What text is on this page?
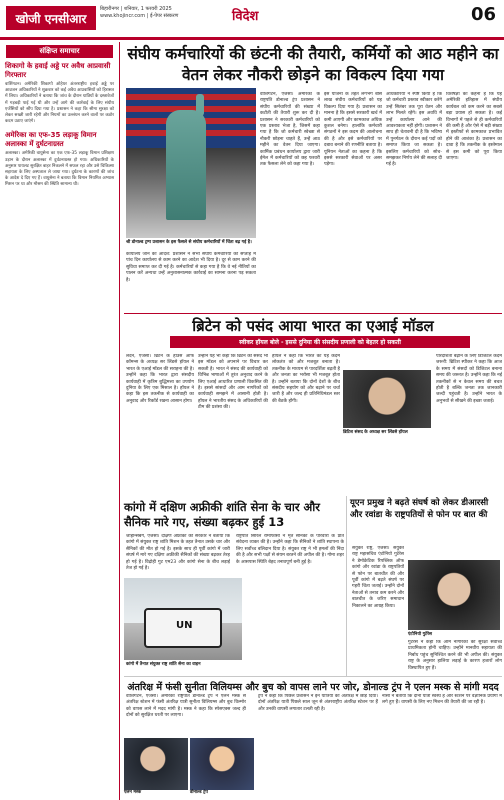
खोजी एनसीआर
बिहारीनगर | शनिवार, 1 फरवरी 2025
www.khojincr.com | ई-पेपर संस्करण	विदेश	06
संक्षिप्त समाचार
शिकागो के हवाई अड्डे पर अवैध आप्रवासी गिरफ्तार
वाशिंगटन। अमेरिकी शिकागो ओहेयर अंतरराष्ट्रीय हवाई अड्डे पर आव्रजन अधिकारियों ने शुक्रवार को कई अवैध आप्रवासियों को हिरासत में लिया। अधिकारियों ने बताया कि जांच के दौरान यात्रियों के दस्तावेजों में गड़बड़ी पाई गई थी और उन्हें आगे की कार्रवाई के लिए संघीय एजेंसियों को सौंप दिया गया है। प्रशासन ने कहा कि सीमा सुरक्षा को लेकर सख्ती जारी रहेगी और नियमों का उल्लंघन करने वालों पर कठोर कदम उठाए जाएंगे।
अमेरिका का एफ-35 लड़ाकू विमान अलास्का में दुर्घटनाग्रस्त
अलास्का। अमेरिकी वायुसेना का एक एफ-35 लड़ाकू विमान प्रशिक्षण उड़ान के दौरान अलास्का में दुर्घटनाग्रस्त हो गया। अधिकारियों के अनुसार पायलट सुरक्षित बाहर निकलने में सफल रहा और उसे चिकित्सा सहायता के लिए अस्पताल ले जाया गया। दुर्घटना के कारणों की जांच के आदेश दे दिए गए हैं। वायुसेना ने बताया कि विमान नियमित अभ्यास मिशन पर था और मौसम की स्थिति सामान्य थी।
संघीय कर्मचारियों की छंटनी की तैयारी, कर्मियों को आठ महीने का वेतन लेकर नौकरी छोड़ने का विकल्प दिया गया
श्री डोनाल्ड ट्रम्प प्रशासन के इस फैसले से संघीय कर्मचारियों में चिंता बढ़ गई है।
वाशिंगटन, एजेंसी। अमेरिका के राष्ट्रपति डोनाल्ड ट्रंप प्रशासन ने संघीय कर्मचारियों की संख्या में कटौती की तैयारी शुरू कर दी है। प्रशासन ने सरकारी कर्मचारियों को एक प्रस्ताव भेजा है, जिसमें कहा गया है कि जो कर्मचारी स्वेच्छा से नौकरी छोड़ना चाहते हैं, उन्हें आठ महीने का वेतन दिया जाएगा। कार्मिक प्रबंधन कार्यालय द्वारा जारी ईमेल में कर्मचारियों को छह फरवरी तक फैसला लेने को कहा गया है।
इस योजना के तहत लगभग बीस लाख संघीय कर्मचारियों को यह विकल्प दिया गया है। प्रशासन का मानना है कि इससे सरकारी खर्च में कमी आएगी और कामकाज अधिक कुशल बनेगा। हालांकि कर्मचारी संगठनों ने इस कदम की आलोचना की है और इसे कर्मचारियों पर दबाव बनाने की रणनीति बताया है। यूनियन नेताओं का कहना है कि इससे सरकारी सेवाओं पर असर पड़ेगा।
अधिकारियों ने स्पष्ट किया है कि जो कर्मचारी प्रस्ताव स्वीकार करेंगे उन्हें सितंबर तक पूरा वेतन और लाभ मिलते रहेंगे। इस अवधि में उन्हें कार्यालय आने की आवश्यकता नहीं होगी। प्रशासन ने साथ ही चेतावनी दी है कि भविष्य में पुनर्गठन के दौरान कई पदों को समाप्त किया जा सकता है। इसलिए कर्मचारियों को सोच-समझकर निर्णय लेने की सलाह दी गई है।
विशेषज्ञों का कहना है कि यह अमेरिकी इतिहास में संघीय कार्यबल को कम करने का सबसे बड़ा प्रयास हो सकता है। कई विभागों में पहले से ही कर्मचारियों की कमी है और ऐसे में बड़ी संख्या में इस्तीफों से कामकाज प्रभावित होने की आशंका है। प्रशासन का दावा है कि तकनीक के इस्तेमाल से इस कमी को पूरा किया जाएगा।
कार्यालय जाने का आदेश: प्रशासन ने सभी संघीय कर्मचारियों को सप्ताह में पांच दिन कार्यालय से काम करने का आदेश भी दिया है। दूर से काम करने की सुविधा समाप्त कर दी गई है। कर्मचारियों से कहा गया है कि वे नई नीतियों का पालन करें अन्यथा उन्हें अनुशासनात्मक कार्रवाई का सामना करना पड़ सकता है।
ब्रिटेन को पसंद आया भारत का एआई मॉडल
स्वीकर हॉयल बोले - इससे दुनिया की संसदीय प्रणाली को बेहतर हो सकती
लंदन, एजेंसी। ब्रिटेन के हाउस ऑफ कॉमन्स के अध्यक्ष सर लिंडसे हॉयल ने भारत के एआई मॉडल की सराहना की है। उन्होंने कहा कि भारत द्वारा संसदीय कार्यवाही में कृत्रिम बुद्धिमत्ता का उपयोग दुनिया के लिए एक मिसाल है। हॉयल ने कहा कि इस तकनीक से कार्यवाही का अनुवाद और रिकॉर्ड रखना आसान होगा।
उन्होंने यह भी कहा कि ब्रिटेन की संसद भी इस मॉडल को अपनाने पर विचार कर सकती है। भारत ने संसद की कार्यवाही को विभिन्न भाषाओं में तुरंत अनुवाद करने के लिए एआई आधारित प्रणाली विकसित की है। इससे सांसदों और आम नागरिकों को कार्यवाही समझने में आसानी होती है। हॉयल ने भारतीय संसद के अधिकारियों की टीम की प्रशंसा की।
हॉयल ने कहा कि भारत का यह कदम लोकतंत्र को और मजबूत बनाता है। तकनीक के माध्यम से पारदर्शिता बढ़ती है और जनता का भरोसा भी मजबूत होता है। उन्होंने बताया कि दोनों देशों के बीच संसदीय सहयोग को और बढ़ाने पर चर्चा जारी है और जल्द ही प्रतिनिधिमंडल स्तर की बैठकें होंगी।
ब्रिटिश संसद के अध्यक्ष सर लिंडसे हॉयल
पारदर्शिता बढ़ाने के लिए डिजिटल कदम जरूरी: ब्रिटिश स्पीकर ने कहा कि आज के समय में संसदों को डिजिटल बनाना समय की जरूरत है। उन्होंने कहा कि नई तकनीकों से न केवल समय की बचत होती है बल्कि जनता तक जानकारी जल्दी पहुंचती है। उन्होंने भारत के अनुभवों से सीखने की इच्छा जताई।
कांगो में दक्षिण अफ्रीकी शांति सेना के चार और सैनिक मारे गए, संख्या बढ़कर हुई 13
जोहान्सबर्ग, एजेंसी। दक्षिण अफ्रीका की सरकार ने बताया कि कांगो में संयुक्त राष्ट्र शांति मिशन के तहत तैनात उसके चार और सैनिकों की मौत हो गई है। इसके साथ ही पूर्वी कांगो में जारी संघर्ष में मारे गए दक्षिण अफ्रीकी सैनिकों की संख्या बढ़कर तेरह हो गई है। विद्रोही गुट एम23 और कांगो सेना के बीच लड़ाई तेज हो गई है।
राष्ट्रपति सिरिल रामाफोसा ने मृत सैनिकों के परिवारों के प्रति संवेदना व्यक्त की है। उन्होंने कहा कि सैनिकों ने शांति स्थापना के लिए सर्वोच्च बलिदान दिया है। संयुक्त राष्ट्र ने भी हमलों की निंदा की है और सभी पक्षों से संयम बरतने की अपील की है। गोमा शहर के आसपास स्थिति बेहद तनावपूर्ण बनी हुई है।
UN
कांगो में तैनात संयुक्त राष्ट्र शांति सेना का वाहन
यूएन प्रमुख ने बढ़ते संघर्ष को लेकर डीआरसी और रवांडा के राष्ट्रपतियों से फोन पर बात की
संयुक्त राष्ट्र, एजेंसी। संयुक्त राष्ट्र महासचिव एंटोनियो गुटेरेस ने डेमोक्रेटिक रिपब्लिक ऑफ कांगो और रवांडा के राष्ट्रपतियों से फोन पर बातचीत की और पूर्वी कांगो में बढ़ते संघर्ष पर गहरी चिंता जताई। उन्होंने दोनों नेताओं से तनाव कम करने और बातचीत के जरिए समाधान निकालने का आग्रह किया।
एंटोनियो गुटेरेस
गुटेरेस ने कहा कि आम नागरिकों की सुरक्षा सर्वोच्च प्राथमिकता होनी चाहिए। उन्होंने मानवीय सहायता की निर्बाध पहुंच सुनिश्चित करने की भी अपील की। संयुक्त राष्ट्र के अनुसार हालिया लड़ाई के कारण हजारों लोग विस्थापित हुए हैं।
अंतरिक्ष में फंसी सुनीता विलियम्स और बुच को वापस लाने पर जोर, डोनाल्ड ट्रंप ने एलन मस्क से मांगी मदद
वाशिंगटन, एजेंसी। अमेरिकी राष्ट्रपति डोनाल्ड ट्रंप ने एलन मस्क से अंतरिक्ष स्टेशन में फंसी अंतरिक्ष यात्री सुनीता विलियम्स और बुच विल्मोर को वापस लाने में मदद मांगी है। मस्क ने कहा कि स्पेसएक्स जल्द ही दोनों को सुरक्षित धरती पर लाएगा।
एलन मस्क	डोनाल्ड ट्रंप
ट्रंप ने कहा कि पिछले प्रशासन ने इन यात्रियों को अंतरिक्ष में छोड़ दिया। दोनों अंतरिक्ष यात्री पिछले साल जून से अंतरराष्ट्रीय अंतरिक्ष स्टेशन पर हैं और उनकी वापसी लगातार टलती रही है।
नासा ने बताया कि दोनों यात्री स्वस्थ हैं और स्टेशन पर वैज्ञानिक प्रयोगों में लगे हुए हैं। वापसी के लिए नए मिशन की तैयारी की जा रही है।
